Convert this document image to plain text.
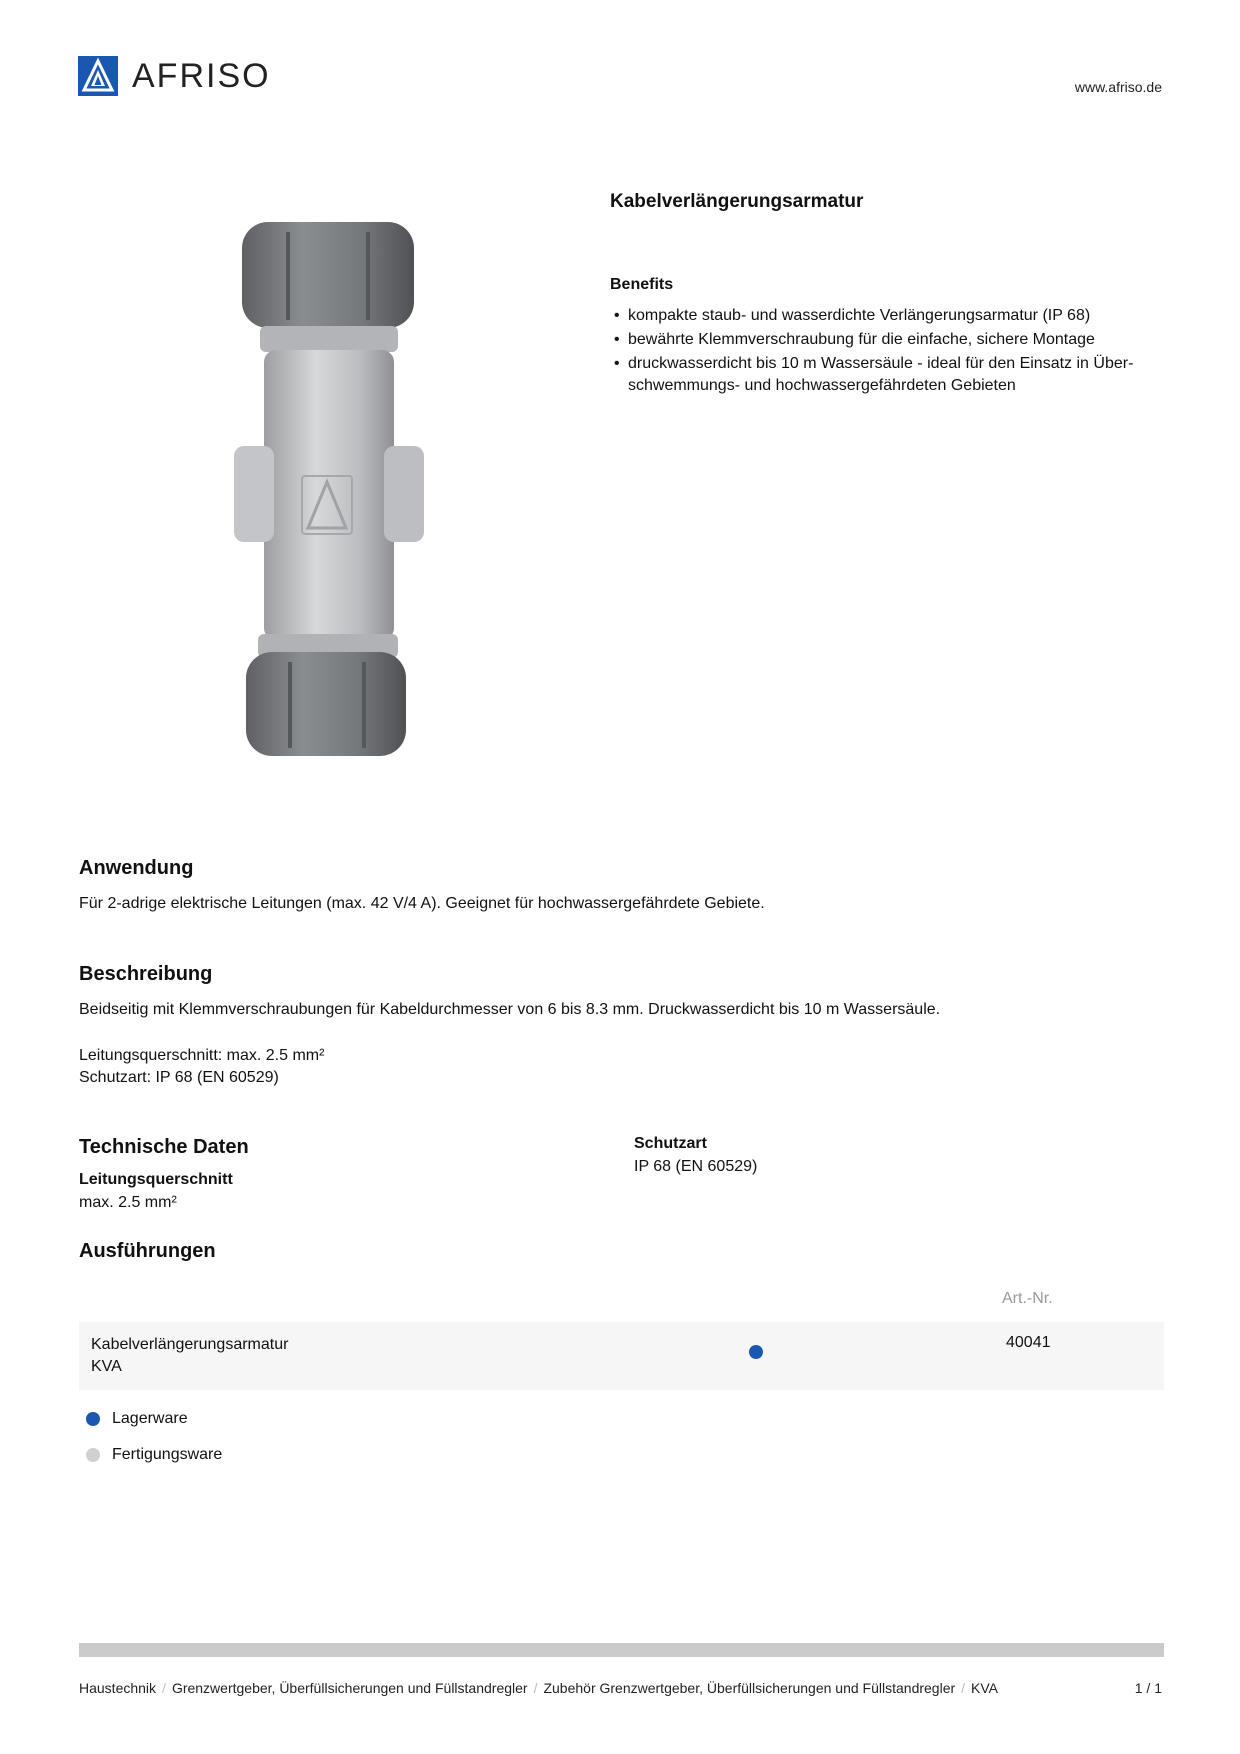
AFRISO	www.afriso.de
Kabelverlängerungsarmatur
Benefits
• kompakte staub- und wasserdichte Verlängerungsarmatur (IP 68)
• bewährte Klemmverschraubung für die einfache, sichere Montage
• druckwasserdicht bis 10 m Wassersäule - ideal für den Einsatz in Über-schwemmungs- und hochwassergefährdeten Gebieten
Anwendung
Für 2-adrige elektrische Leitungen (max. 42 V/4 A). Geeignet für hochwassergefährdete Gebiete.
Beschreibung
Beidseitig mit Klemmverschraubungen für Kabeldurchmesser von 6 bis 8.3 mm. Druckwasserdicht bis 10 m Wassersäule.
Leitungsquerschnitt: max. 2.5 mm²
Schutzart: IP 68 (EN 60529)
Technische Daten
Leitungsquerschnitt
max. 2.5 mm²
Schutzart
IP 68 (EN 60529)
Ausführungen
Art.-Nr.
Kabelverlängerungsarmatur
KVA
40041
Lagerware
Fertigungsware
Haustechnik / Grenzwertgeber, Überfüllsicherungen und Füllstandregler / Zubehör Grenzwertgeber, Überfüllsicherungen und Füllstandregler / KVA	1 / 1
